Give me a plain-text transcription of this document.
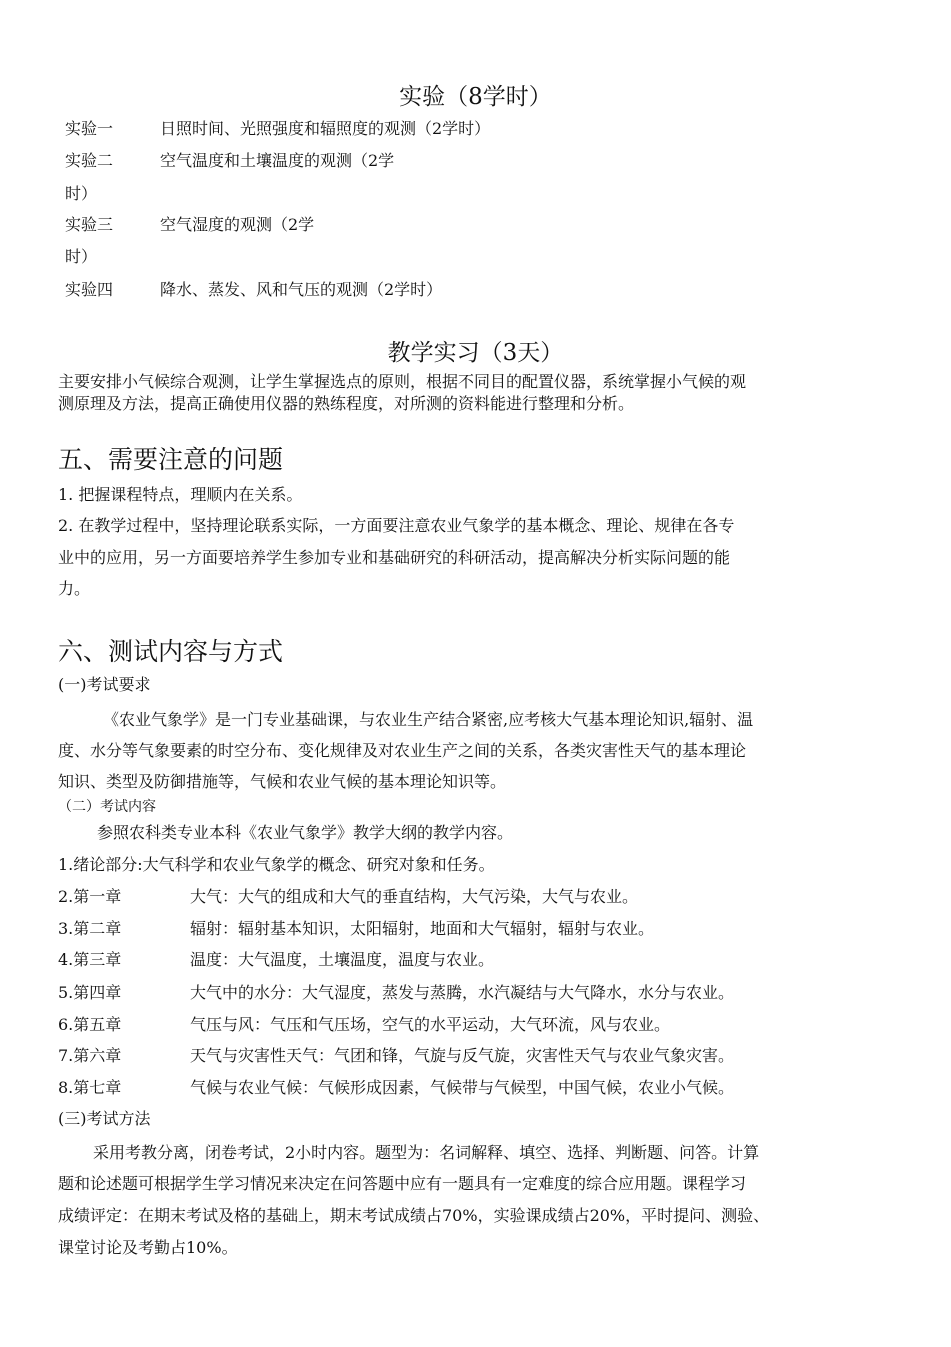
实验（8学时）
实验一	日照时间、光照强度和辐照度的观测（2学时）
实验二	空气温度和土壤温度的观测（2学
时）
实验三	空气湿度的观测（2学
时）
实验四	降水、蒸发、风和气压的观测（2学时）
教学实习（3天）
主要安排小气候综合观测，让学生掌握选点的原则，根据不同目的配置仪器，系统掌握小气候的观
测原理及方法，提高正确使用仪器的熟练程度，对所测的资料能进行整理和分析。
五、需要注意的问题
1. 把握课程特点，理顺内在关系。
2. 在教学过程中，坚持理论联系实际，一方面要注意农业气象学的基本概念、理论、规律在各专
业中的应用，另一方面要培养学生参加专业和基础研究的科研活动，提高解决分析实际问题的能
力。
六、测试内容与方式
(一)考试要求
《农业气象学》是一门专业基础课，与农业生产结合紧密,应考核大气基本理论知识,辐射、温
度、水分等气象要素的时空分布、变化规律及对农业生产之间的关系，各类灾害性天气的基本理论
知识、类型及防御措施等，气候和农业气候的基本理论知识等。
（二）考试内容
参照农科类专业本科《农业气象学》教学大纲的教学内容。
1.绪论部分:大气科学和农业气象学的概念、研究对象和任务。
2.第一章	大气：大气的组成和大气的垂直结构，大气污染，大气与农业。
3.第二章	辐射：辐射基本知识，太阳辐射，地面和大气辐射，辐射与农业。
4.第三章	温度：大气温度，土壤温度，温度与农业。
5.第四章	大气中的水分：大气湿度，蒸发与蒸腾，水汽凝结与大气降水，水分与农业。
6.第五章	气压与风：气压和气压场，空气的水平运动，大气环流，风与农业。
7.第六章	天气与灾害性天气：气团和锋，气旋与反气旋，灾害性天气与农业气象灾害。
8.第七章	气候与农业气候：气候形成因素，气候带与气候型，中国气候，农业小气候。
(三)考试方法
采用考教分离，闭卷考试，2小时内容。题型为：名词解释、填空、选择、判断题、问答。计算
题和论述题可根据学生学习情况来决定在问答题中应有一题具有一定难度的综合应用题。课程学习
成绩评定：在期末考试及格的基础上，期末考试成绩占70%，实验课成绩占20%，平时提问、测验、
课堂讨论及考勤占10%。
